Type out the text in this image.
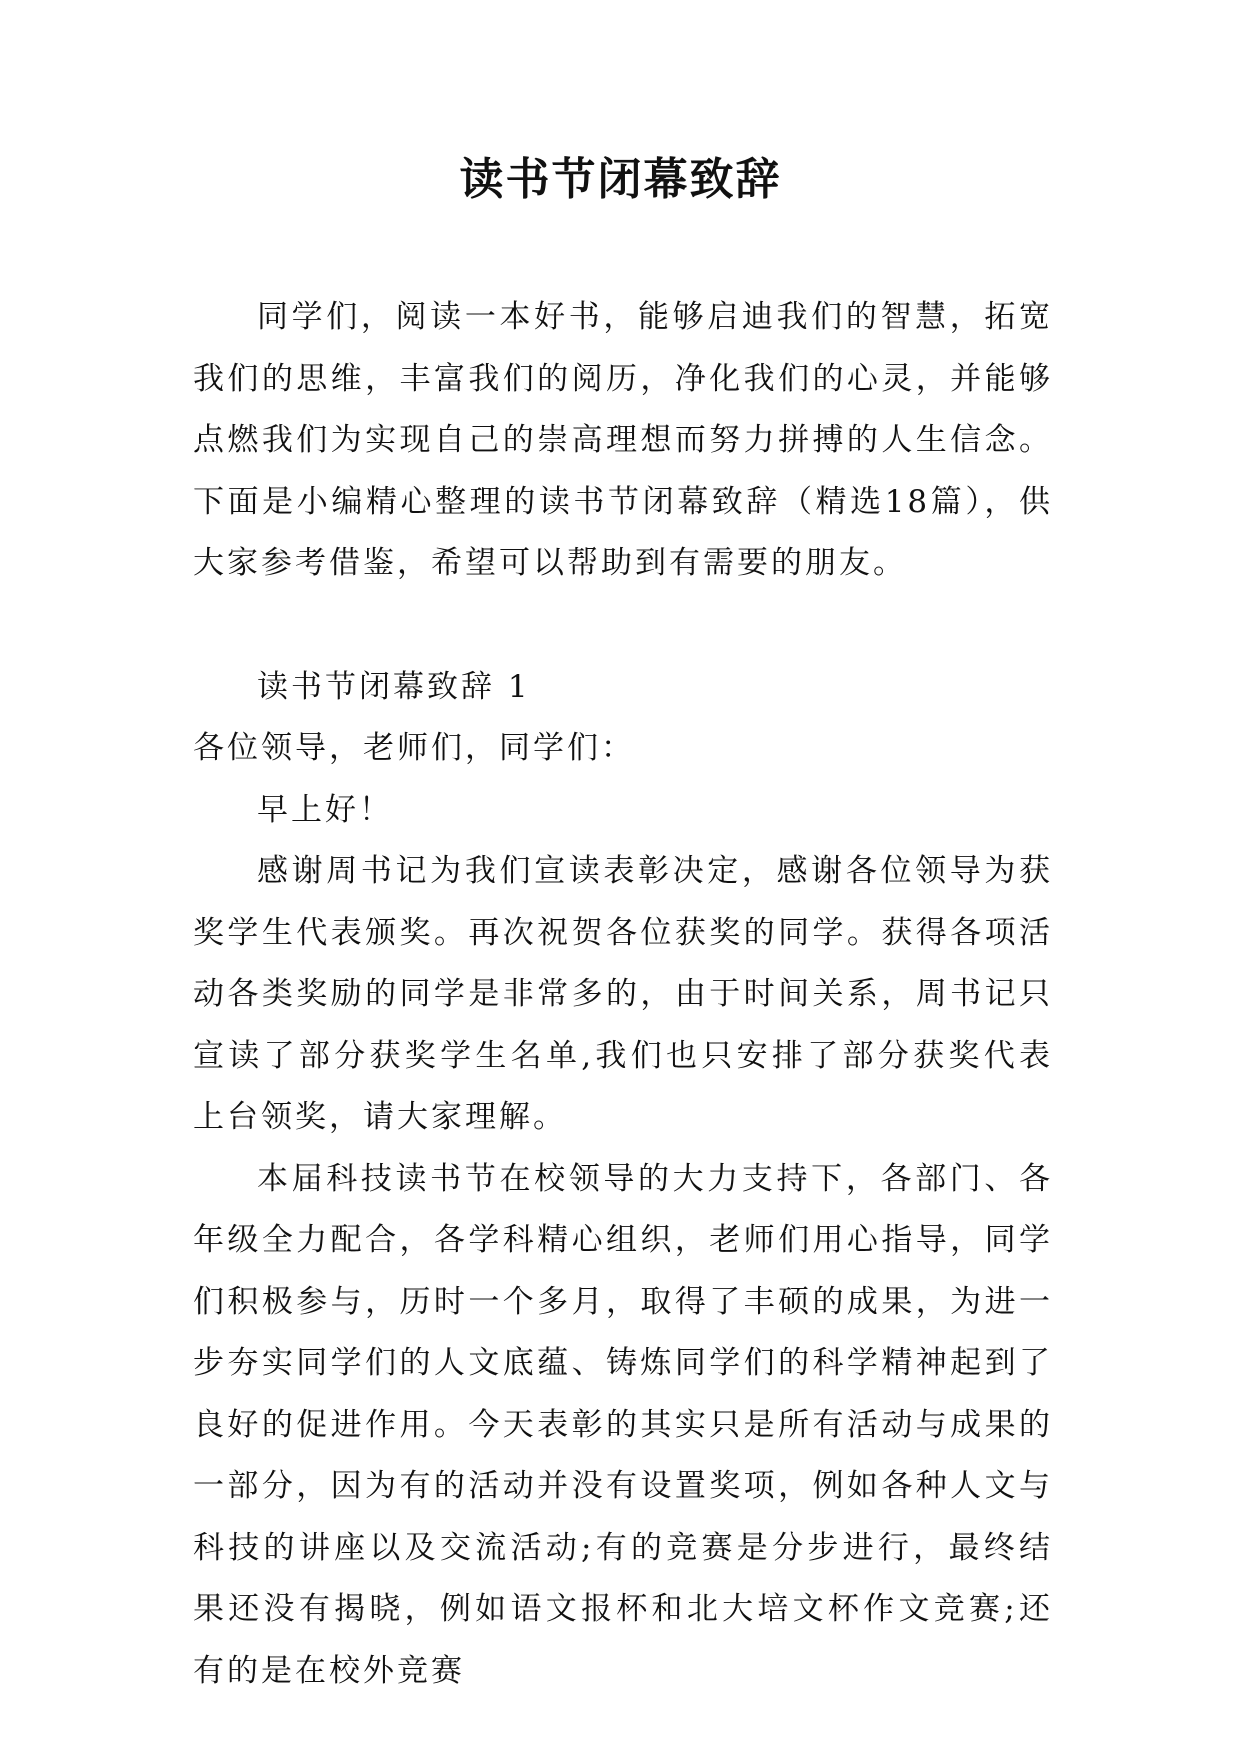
读书节闭幕致辞

同学们，阅读一本好书，能够启迪我们的智慧，拓宽我们的思维，丰富我们的阅历，净化我们的心灵，并能够点燃我们为实现自己的崇高理想而努力拼搏的人生信念。下面是小编精心整理的读书节闭幕致辞（精选18篇），供大家参考借鉴，希望可以帮助到有需要的朋友。

读书节闭幕致辞 1

各位领导，老师们，同学们：

早上好！

感谢周书记为我们宣读表彰决定，感谢各位领导为获奖学生代表颁奖。再次祝贺各位获奖的同学。获得各项活动各类奖励的同学是非常多的，由于时间关系，周书记只宣读了部分获奖学生名单,我们也只安排了部分获奖代表上台领奖，请大家理解。

本届科技读书节在校领导的大力支持下，各部门、各年级全力配合，各学科精心组织，老师们用心指导，同学们积极参与，历时一个多月，取得了丰硕的成果，为进一步夯实同学们的人文底蕴、铸炼同学们的科学精神起到了良好的促进作用。今天表彰的其实只是所有活动与成果的一部分，因为有的活动并没有设置奖项，例如各种人文与科技的讲座以及交流活动;有的竞赛是分步进行，最终结果还没有揭晓，例如语文报杯和北大培文杯作文竞赛;还有的是在校外竞赛
